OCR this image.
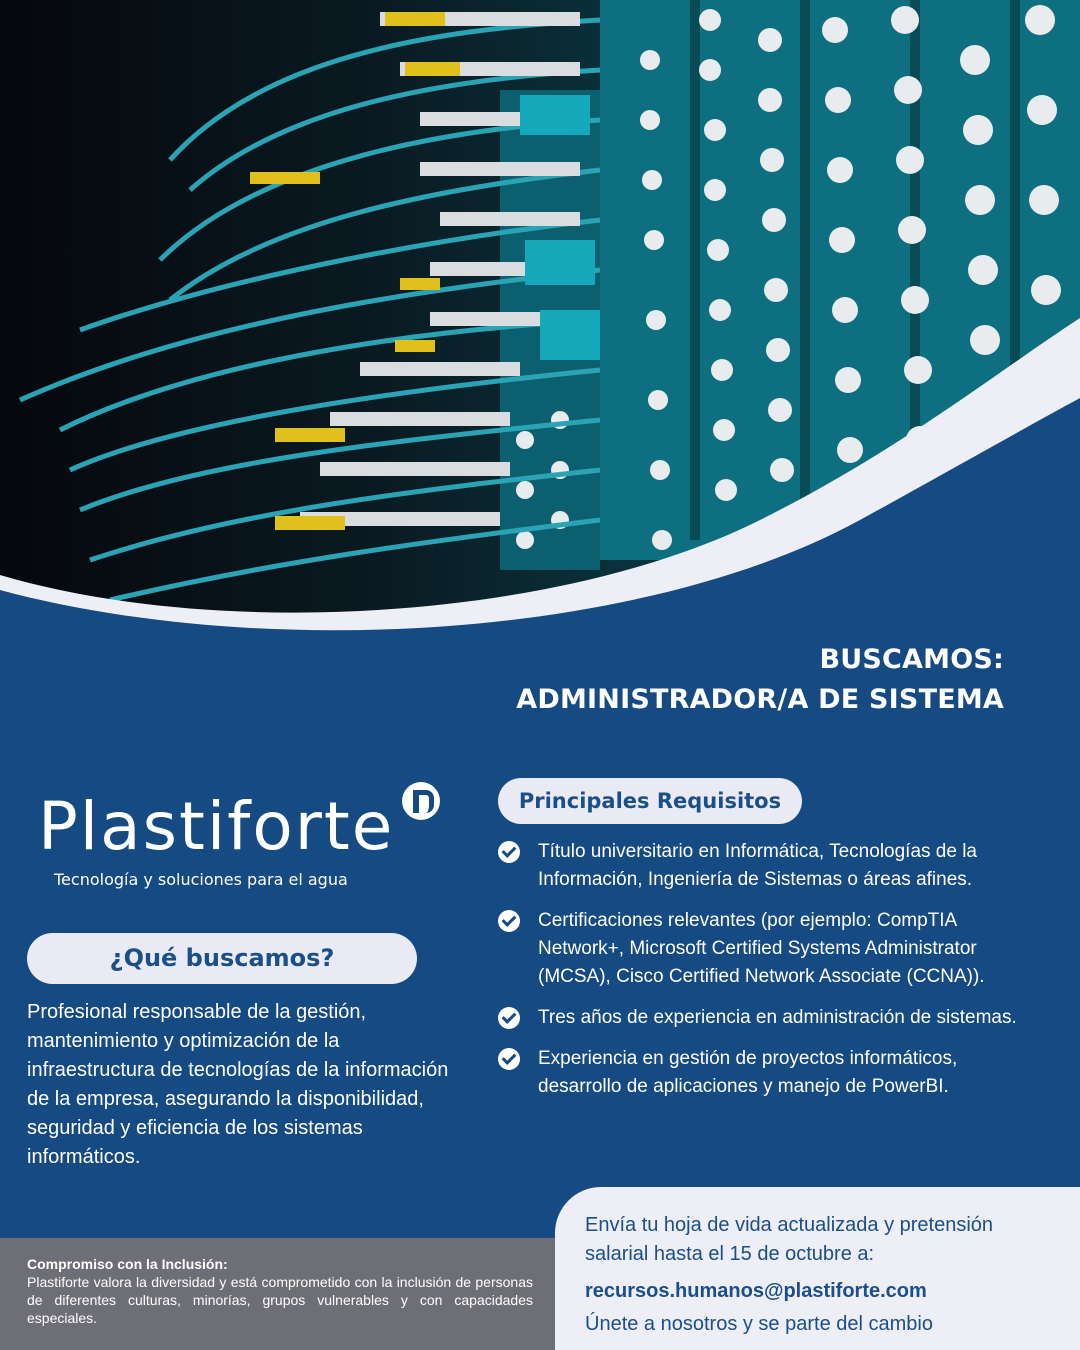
BUSCAMOS:
ADMINISTRADOR/A DE SISTEMA
Plastiforte
Tecnología y soluciones para el agua
¿Qué buscamos?
Profesional responsable de la gestión, mantenimiento y optimización de la infraestructura de tecnologías de la información de la empresa, asegurando la disponibilidad, seguridad y eficiencia de los sistemas informáticos.
Principales Requisitos
Título universitario en Informática, Tecnologías de la Información, Ingeniería de Sistemas o áreas afines.
Certificaciones relevantes (por ejemplo: CompTIA Network+, Microsoft Certified Systems Administrator (MCSA), Cisco Certified Network Associate (CCNA)).
Tres años de experiencia en administración de sistemas.
Experiencia en gestión de proyectos informáticos, desarrollo de aplicaciones y manejo de PowerBI.
Compromiso con la Inclusión:
Plastiforte valora la diversidad y está comprometido con la inclusión de personas de diferentes culturas, minorías, grupos vulnerables y con capacidades especiales.

Envía tu hoja de vida actualizada y pretensión salarial hasta el 15 de octubre a:

recursos.humanos@plastiforte.com
Únete a nosotros y se parte del cambio
